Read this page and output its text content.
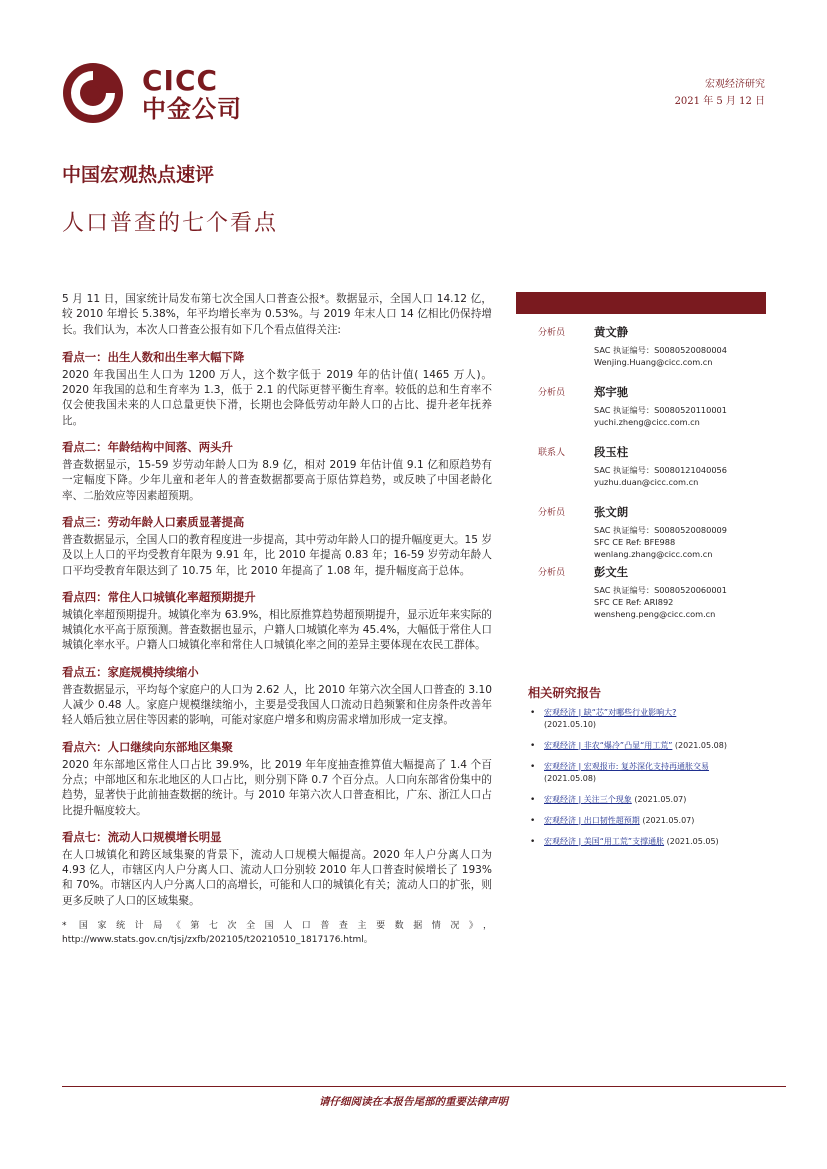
CICC
中金公司
宏观经济研究
2021 年 5 月 12 日
中国宏观热点速评
人口普查的七个看点

5 月 11 日，国家统计局发布第七次全国人口普查公报*。数据显示，全国人口 14.12 亿，较 2010 年增长 5.38%，年平均增长率为 0.53%。与 2019 年末人口 14 亿相比仍保持增长。我们认为，本次人口普查公报有如下几个看点值得关注:

看点一：出生人数和出生率大幅下降

2020 年我国出生人口为 1200 万人，这个数字低于 2019 年的估计值( 1465 万人)。2020 年我国的总和生育率为 1.3，低于 2.1 的代际更替平衡生育率。较低的总和生育率不仅会使我国未来的人口总量更快下滑，长期也会降低劳动年龄人口的占比、提升老年抚养比。

看点二：年龄结构中间落、两头升

普查数据显示，15-59 岁劳动年龄人口为 8.9 亿，相对 2019 年估计值 9.1 亿和原趋势有一定幅度下降。少年儿童和老年人的普查数据都要高于原估算趋势，或反映了中国老龄化率、二胎效应等因素超预期。

看点三：劳动年龄人口素质显著提高

普查数据显示，全国人口的教育程度进一步提高，其中劳动年龄人口的提升幅度更大。15 岁及以上人口的平均受教育年限为 9.91 年，比 2010 年提高 0.83 年；16-59 岁劳动年龄人口平均受教育年限达到了 10.75 年，比 2010 年提高了 1.08 年，提升幅度高于总体。

看点四：常住人口城镇化率超预期提升

城镇化率超预期提升。城镇化率为 63.9%，相比原推算趋势超预期提升，显示近年来实际的城镇化水平高于原预测。普查数据也显示，户籍人口城镇化率为 45.4%，大幅低于常住人口城镇化率水平。户籍人口城镇化率和常住人口城镇化率之间的差异主要体现在农民工群体。

看点五：家庭规模持续缩小

普查数据显示，平均每个家庭户的人口为 2.62 人，比 2010 年第六次全国人口普查的 3.10 人减少 0.48 人。家庭户规模继续缩小，主要是受我国人口流动日趋频繁和住房条件改善年轻人婚后独立居住等因素的影响，可能对家庭户增多和购房需求增加形成一定支撑。

看点六：人口继续向东部地区集聚

2020 年东部地区常住人口占比 39.9%，比 2019 年年度抽查推算值大幅提高了 1.4 个百分点；中部地区和东北地区的人口占比，则分别下降 0.7 个百分点。人口向东部省份集中的趋势，显著快于此前抽查数据的统计。与 2010 年第六次人口普查相比，广东、浙江人口占比提升幅度较大。

看点七：流动人口规模增长明显

在人口城镇化和跨区域集聚的背景下，流动人口规模大幅提高。2020 年人户分离人口为 4.93 亿人，市辖区内人户分离人口、流动人口分别较 2010 年人口普查时候增长了 193%和 70%。市辖区内人户分离人口的高增长，可能和人口的城镇化有关；流动人口的扩张，则更多反映了人口的区域集聚。

* 国家统计局《第七次全国人口普查主要数据情况》，http://www.stats.gov.cn/tjsj/zxfb/202105/t20210510_1817176.html。

分析员	黄文静
SAC 执证编号：S0080520080004
Wenjing.Huang@cicc.com.cn
分析员	郑宇驰
SAC 执证编号：S0080520110001
yuchi.zheng@cicc.com.cn
联系人	段玉柱
SAC 执证编号：S0080121040056
yuzhu.duan@cicc.com.cn
分析员	张文朗
SAC 执证编号：S0080520080009
SFC CE Ref: BFE988
wenlang.zhang@cicc.com.cn
分析员	彭文生
SAC 执证编号：S0080520060001
SFC CE Ref: ARI892
wensheng.peng@cicc.com.cn
相关研究报告
• 宏观经济 | 缺“芯”对哪些行业影响大?
(2021.05.10)
• 宏观经济 | 非农“爆冷”凸显“用工荒” (2021.05.08)
• 宏观经济 | 宏观报市: 复苏深化支持再通胀交易
(2021.05.08)
• 宏观经济 | 关注三个现象 (2021.05.07)
• 宏观经济 | 出口韧性超预期 (2021.05.07)
• 宏观经济 | 美国“用工荒”支撑通胀 (2021.05.05)
请仔细阅读在本报告尾部的重要法律声明
